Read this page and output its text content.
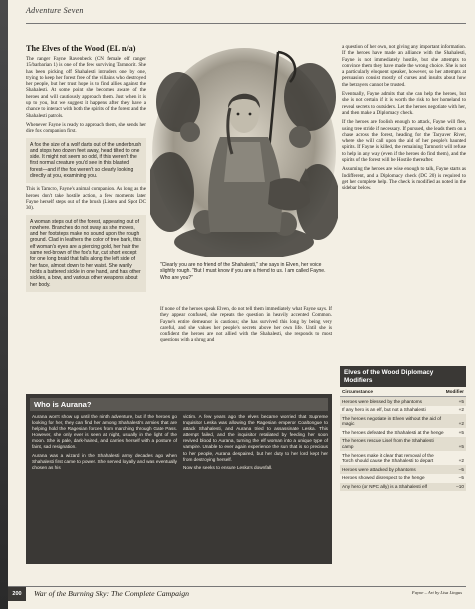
Adventure Seven
The Elves of the Wood (EL n/a)

The ranger Fayne Ravenbeck (CN female elf ranger 15/barbarian 1) is one of the few surviving Tarnnorit. She has been picking off Shahalesti intruders one by one, trying to keep her forest free of the villains who destroyed her people, but her trust hope is to find allies against the Shahalesti. At some point she becomes aware of the heroes and will cautiously approach them. Just when it is up to you, but we suggest it happens after they have a chance to interact with both the spirits of the forest and the Shahalesti patrols.

Whenever Fayne is ready to approach them, she sends her dire fox companion first.

A fox the size of a wolf darts out of the underbrush and stops two dozen feet away, head tilted to one side. It might not seem so odd, if this weren't the first normal creature you'd see in this blasted forest—and if the fox weren't so clearly looking directly at you, examining you.

This is Tamcro, Fayne's animal companion. As long as the heroes don't take hostile action, a few moments later Fayne herself steps out of the brush (Listen and Spot DC 30).

A woman steps out of the forest, appearing out of nowhere. Branches do not sway as she moves, and her footsteps make no sound upon the rough ground. Clad in leathers the color of tree bark, this elf woman's eyes are a piercing gold, her hair the same red-brown of the fox's fur, cut short except for one long braid that falls along the left side of her face, almost down to her waist. She warily holds a battered sickle in one hand, and has other sickles, a bow, and various other weapons about her body.
"Clearly you are no friend of the Shahalesti," she says in Elven, her voice slightly rough. "But I must know if you are a friend to us. I am called Fayne. Who are you?"
If none of the heroes speak Elven, do not tell them immediately what Fayne says. If they appear confused, she repeats the question in heavily accented Common. Fayne's entire demeanor is cautious; she has survived this long by being very careful, and she values her people's secrets above her own life. Until she is confident the heroes are not allied with the Shahalesti, she responds to most questions with a shrug and

a question of her own, not giving any important information. If the heroes have made an alliance with the Shahalesti, Fayne is not immediately hostile, but she attempts to convince them they have made the wrong choice. She is not a particularly eloquent speaker, however, so her attempts at persuasion consist mostly of curses and insults about how the betrayers cannot be trusted.

Eventually, Fayne admits that she can help the heroes, but she is not certain if it is worth the risk to her homeland to reveal secrets to outsiders. Let the heroes negotiate with her, and then make a Diplomacy check.

If the heroes are foolish enough to attack, Fayne will flee, using tree stride if necessary. If pursued, she leads them on a chase across the forest, heading for the Taryaver River, where she will call upon the aid of her people's haunted spirits. If Fayne is killed, the remaining Tarnnorit will refuse to help in any way (even if the heroes do find them), and the spirits of the forest will be Hostile thereafter.

Assuming the heroes are wise enough to talk, Fayne starts as Indifferent, and a Diplomacy check (DC 20) is required to get her complete help. The check is modified as noted in the sidebar below.

Who is Aurana?

Aurana won't show up until the ninth adventure, but if the heroes go looking for her, they can find her among Shahalesti's armies that are helping hold the Ragesian forces from marching through Gate Pass. However, she only ever is seen at night, usually in the light of the moon. She is pale, dark-haired, and carries herself with a posture of faint, sad resignation.

Aurana was a wizard in the Shahalesti army decades ago when Shahalesti first came to power. She served loyally and was eventually chosen as his

victim. A few years ago the elves became worried that Supreme Inquisitor Leska was allowing the Ragesian emperor Coaltongue to attack Shahalesti, and Aurana tried to assassinate Leska. This attempt failed, and the inquisitor retaliated by feeding her soon revived blood to Aurana, turning the elf woman into a unique type of vampire. Unable to ever again experience the sun that is so precious to her people, Aurana despaired, but her duty to her lord kept her from destroying herself.

Now she seeks to ensure Leska's downfall.

Elves of the Wood Diplomacy Modifiers
Circumstance	Modifier
Heroes were blessed by the phantoms	+5
If any hero is an elf, but not a Shahalesti	+2
The heroes negotiate in Elven without the aid of magic	+2
The heroes defeated the Shahalesti at the henge	+5
The heroes rescue Lisel from the Shahalesti camp	+5
The heroes make it clear that removal of the Torch should cause the Shahalesti to depart	+2
Heroes were attacked by phantoms	–5
Heroes showed disrespect to the henge	–5
Any hero (or NPC ally) is a Shahalesti elf	–10
200	War of the Burning Sky: The Complete Campaign	Fayne – Art by Lisa Lingus
